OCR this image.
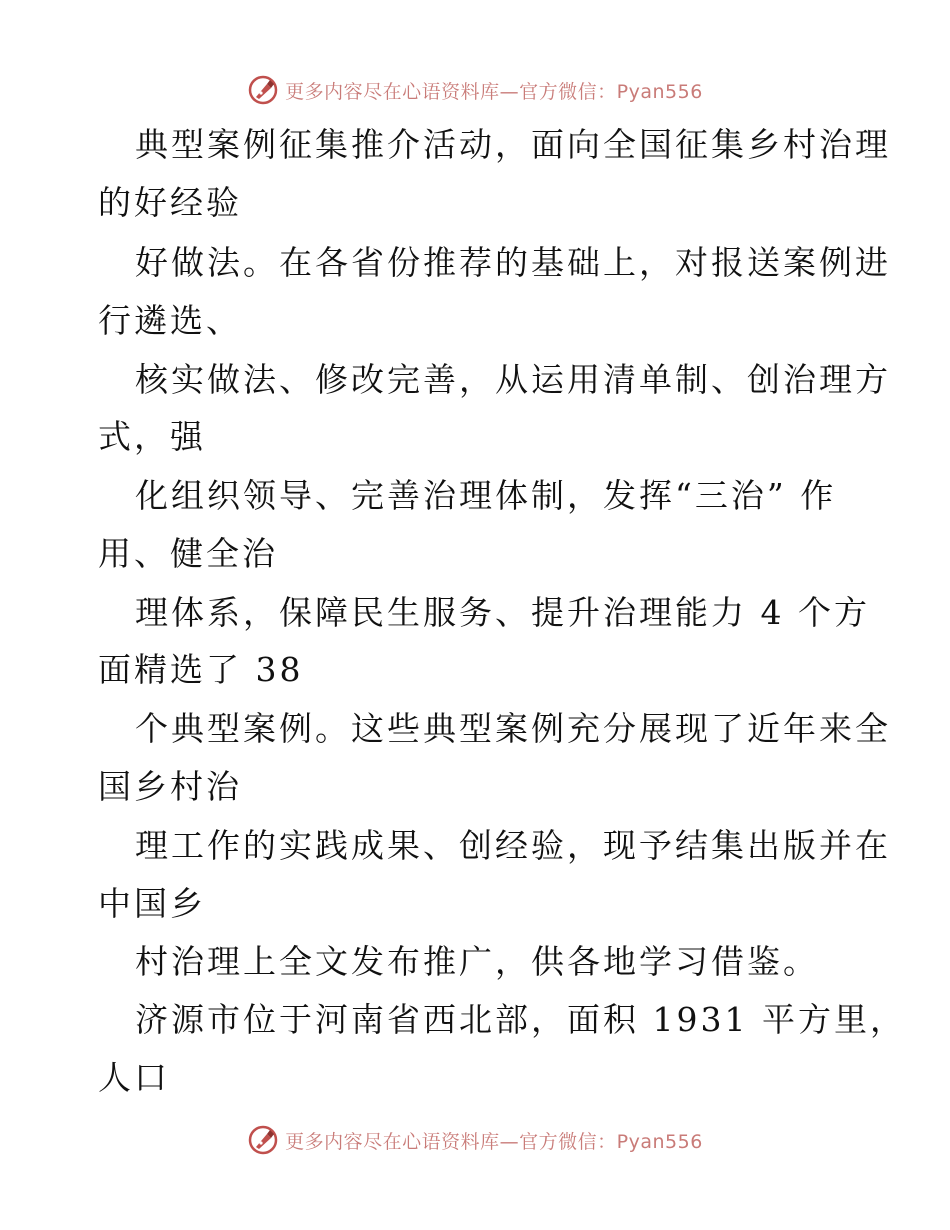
更多内容尽在心语资料库—官方微信：Pyan556
典型案例征集推介活动，面向全国征集乡村治理
的好经验
好做法。在各省份推荐的基础上，对报送案例进
行遴选、
核实做法、修改完善，从运用清单制、创治理方
式，强
化组织领导、完善治理体制，发挥“三治” 作
用、健全治
理体系，保障民生服务、提升治理能力 4 个方
面精选了 38
个典型案例。这些典型案例充分展现了近年来全
国乡村治
理工作的实践成果、创经验，现予结集出版并在
中国乡
村治理上全文发布推广，供各地学习借鉴。
济源市位于河南省西北部，面积 1931 平方里，
人口
更多内容尽在心语资料库—官方微信：Pyan556
